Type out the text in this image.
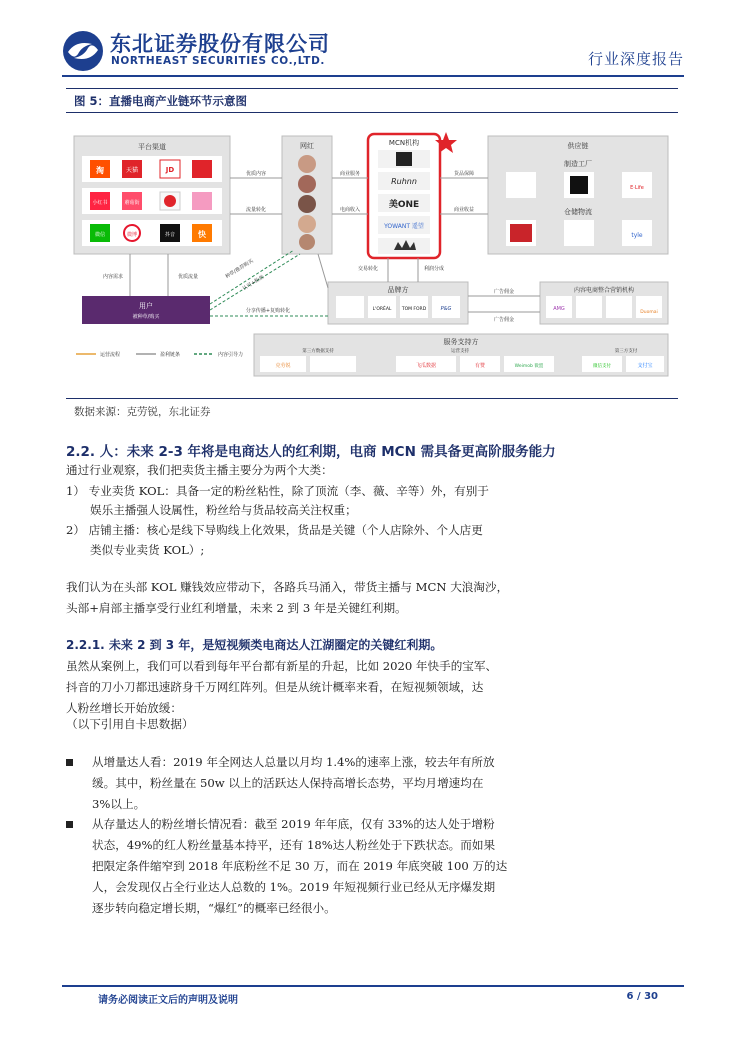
东北证券股份有限公司
NORTHEAST SECURITIES CO.,LTD.	行业深度报告
图 5：直播电商产业链环节示意图
平台渠道
淘	天猫	JD
小红书	蘑菇街
微信	微博	抖音	快
网红	MCN机构
Ruhnn
美ONE
YOWANT 遥望
供应链
制造工厂
E·Life
仓储物流
tyle
优质内容
流量转化
商业服务
电商收入
货品保障
商业收益
用户
被种草/购买
品牌方
L'ORÉAL TOM FORD	P&G
内容电商整合营销机构
AMG
Duomai
服务支持方
第三方数据支持	运营支持	第三方支付
克劳锐	飞瓜数据	有赞	Weimob 微盟	微信支付	支付宝
内容需求	优质流量	种草/推荐购买
认可+粉丝
分享传播+复购转化
交易转化	利润分成
广告佣金
广告佣金
运营流程	盈利链条	内容引导力
数据来源：克劳锐，东北证券
2.2. 人：未来 2-3 年将是电商达人的红利期，电商 MCN 需具备更高阶服务能力
通过行业观察，我们把卖货主播主要分为两个大类：
1） 专业卖货 KOL：具备一定的粉丝粘性，除了顶流（李、薇、辛等）外，有别于
娱乐主播强人设属性，粉丝给与货品较高关注权重；
2） 店铺主播：核心是线下导购线上化效果，货品是关键（个人店除外、个人店更
类似专业卖货 KOL）;
我们认为在头部 KOL 赚钱效应带动下，各路兵马涌入，带货主播与 MCN 大浪淘沙，
头部+肩部主播享受行业红利增量，未来 2 到 3 年是关键红利期。
2.2.1. 未来 2 到 3 年，是短视频类电商达人江湖圈定的关键红利期。
虽然从案例上，我们可以看到每年平台都有新星的升起，比如 2020 年快手的宝军、
抖音的刀小刀都迅速跻身千万网红阵列。但是从统计概率来看，在短视频领域，达
人粉丝增长开始放缓：
（以下引用自卡思数据）
从增量达人看：2019 年全网达人总量以月均 1.4%的速率上涨，较去年有所放
缓。其中，粉丝量在 50w 以上的活跃达人保持高增长态势，平均月增速均在
3%以上。
从存量达人的粉丝增长情况看：截至 2019 年年底，仅有 33%的达人处于增粉
状态，49%的红人粉丝量基本持平，还有 18%达人粉丝处于下跌状态。而如果
把限定条件缩窄到 2018 年底粉丝不足 30 万，而在 2019 年底突破 100 万的达
人，会发现仅占全行业达人总数的 1%。2019 年短视频行业已经从无序爆发期
逐步转向稳定增长期，“爆红”的概率已经很小。
请务必阅读正文后的声明及说明	6 / 30
